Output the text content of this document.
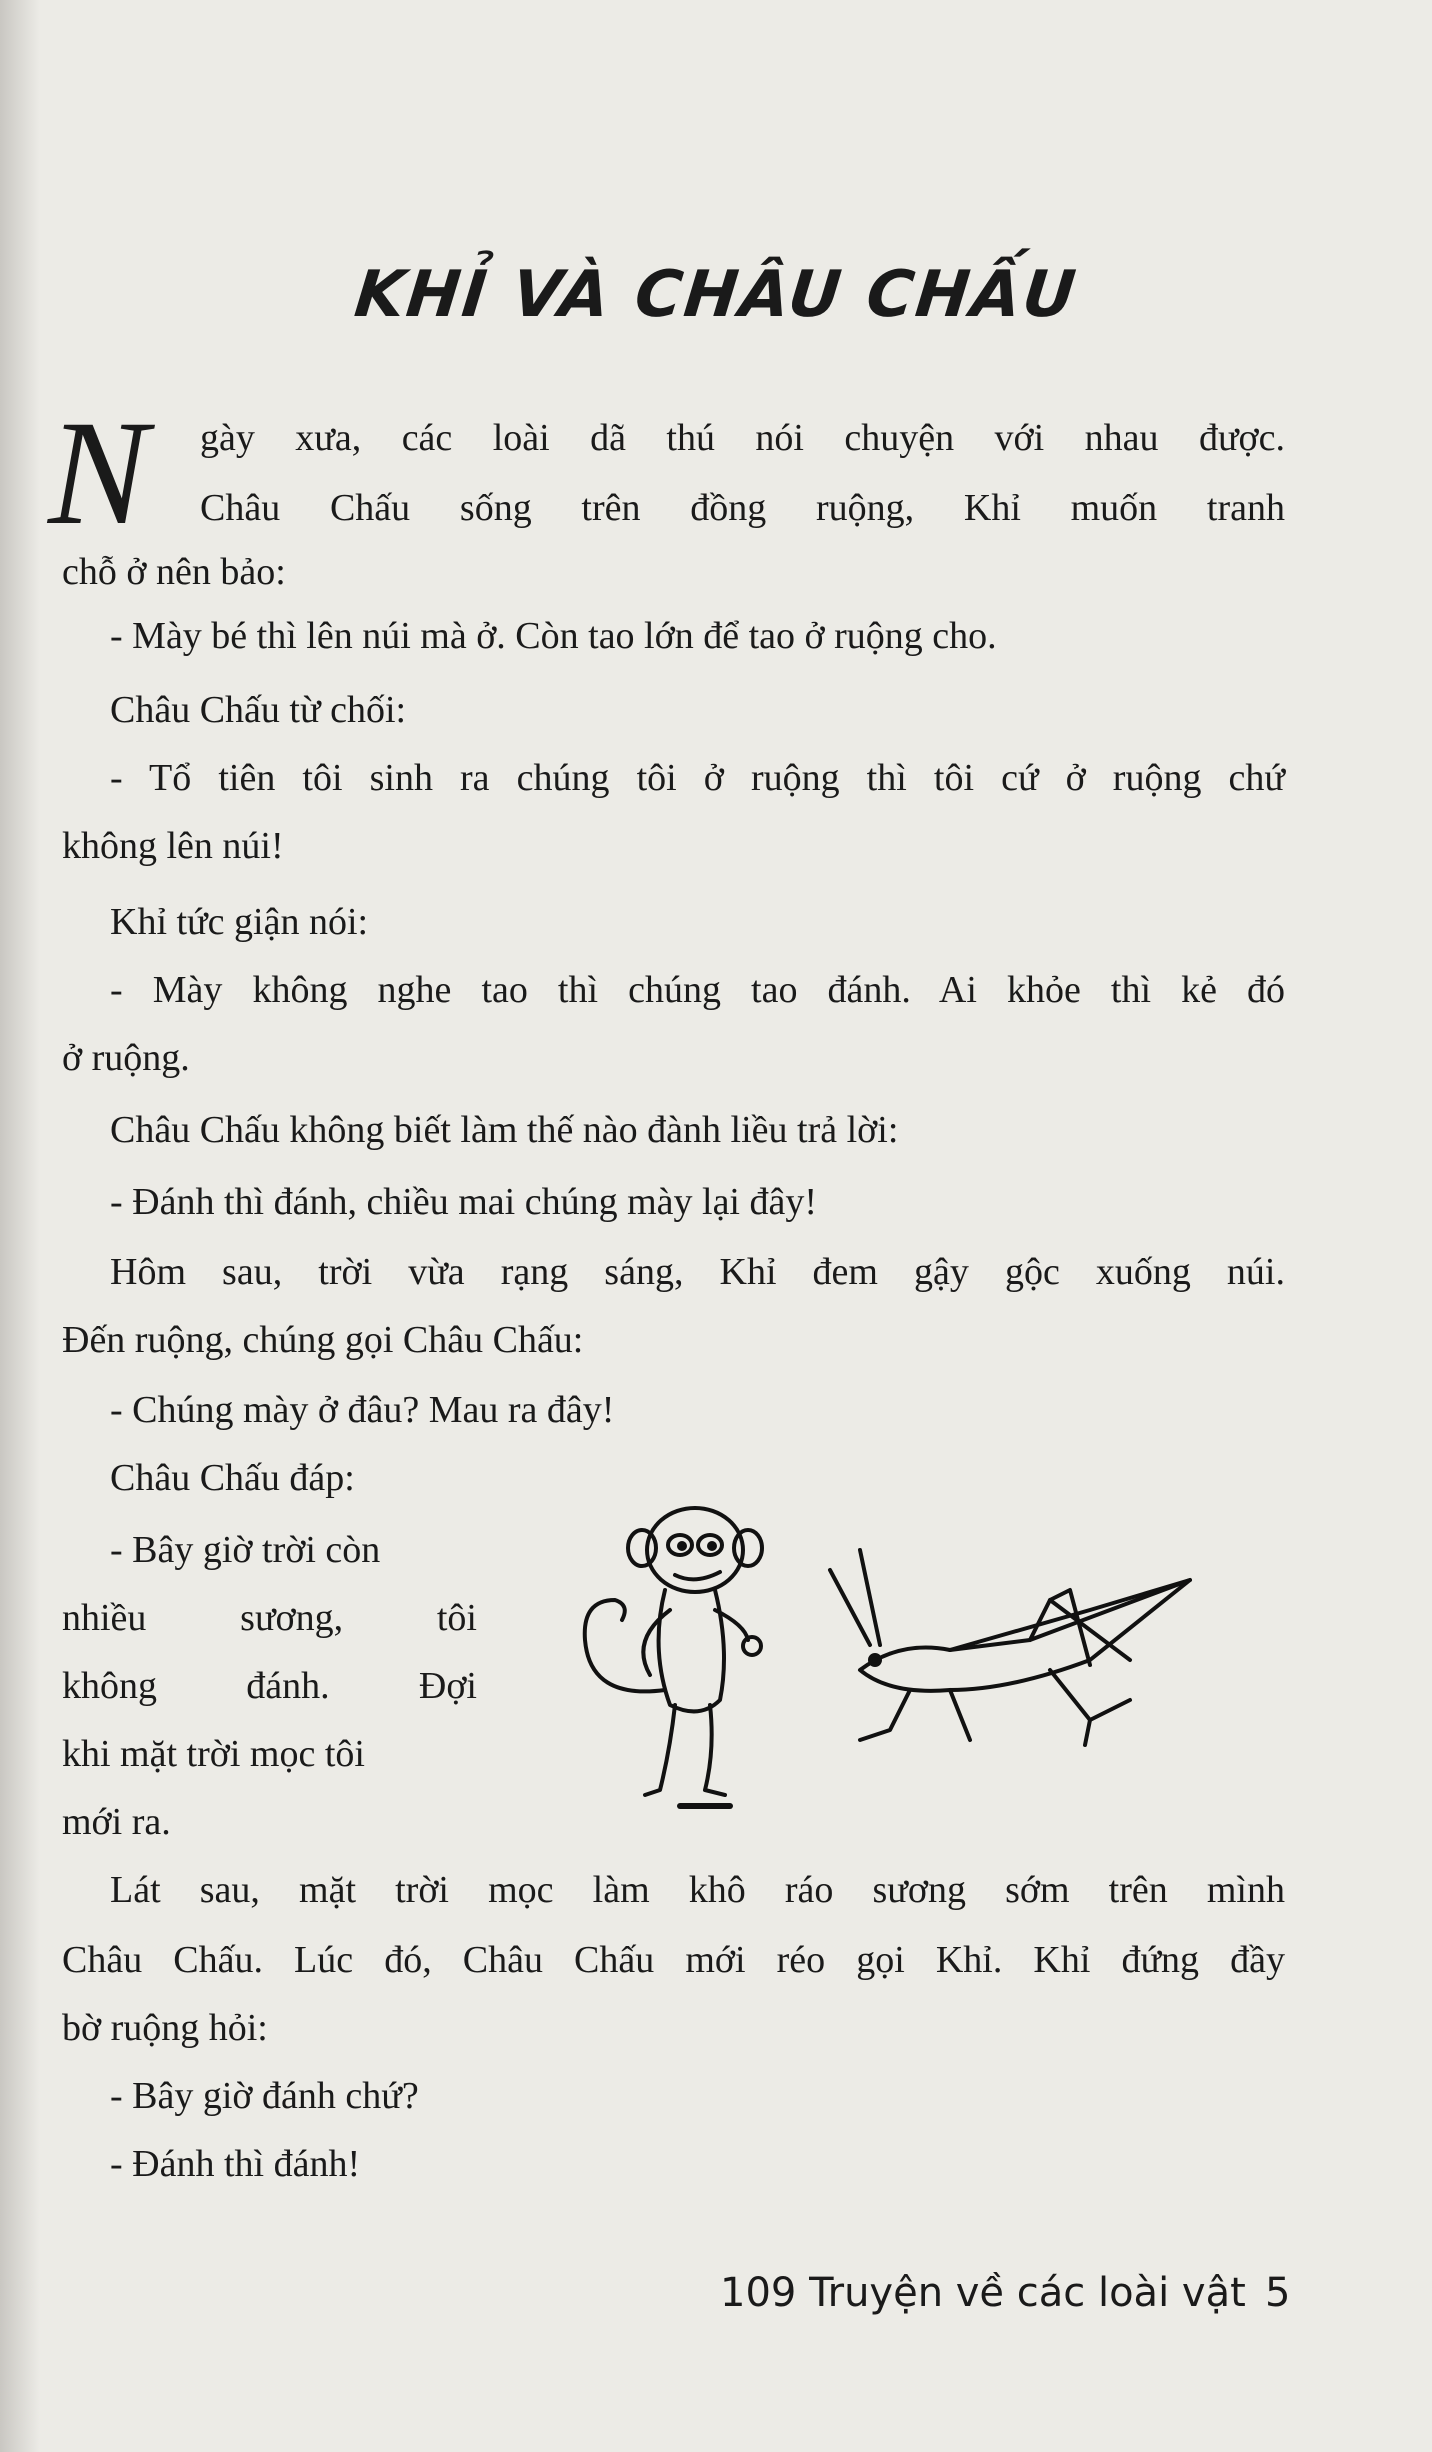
KHỈ VÀ CHÂU CHẤU
N gày xưa, các loài dã thú nói chuyện với nhau được.
Châu Chấu sống trên đồng ruộng, Khỉ muốn tranh
chỗ ở nên bảo:
- Mày bé thì lên núi mà ở. Còn tao lớn để tao ở ruộng cho.
Châu Chấu từ chối:
- Tổ tiên tôi sinh ra chúng tôi ở ruộng thì tôi cứ ở ruộng chứ
không lên núi!
Khỉ tức giận nói:
- Mày không nghe tao thì chúng tao đánh. Ai khỏe thì kẻ đó
ở ruộng.
Châu Chấu không biết làm thế nào đành liều trả lời:
- Đánh thì đánh, chiều mai chúng mày lại đây!
Hôm sau, trời vừa rạng sáng, Khỉ đem gậy gộc xuống núi.
Đến ruộng, chúng gọi Châu Chấu:
- Chúng mày ở đâu? Mau ra đây!
Châu Chấu đáp:
- Bây giờ trời còn
nhiều sương, tôi
không đánh. Đợi
khi mặt trời mọc tôi
mới ra.
Lát sau, mặt trời mọc làm khô ráo sương sớm trên mình
Châu Chấu. Lúc đó, Châu Chấu mới réo gọi Khỉ. Khỉ đứng đầy
bờ ruộng hỏi:
- Bây giờ đánh chứ?
- Đánh thì đánh!
109 Truyện về các loài vật 5
